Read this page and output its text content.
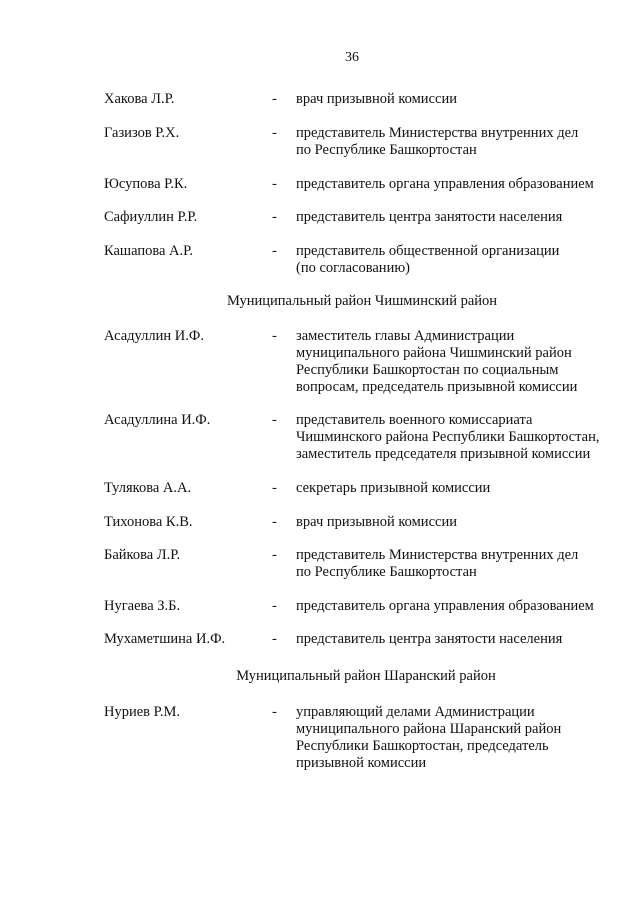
36
Хакова Л.Р.	- врач призывной комиссии
Газизов Р.Х.	- представитель Министерства внутренних дел
по Республике Башкортостан
Юсупова Р.К.	- представитель органа управления образованием
Сафиуллин Р.Р.	- представитель центра занятости населения
Кашапова А.Р.	- представитель общественной организации
(по согласованию)
Муниципальный район Чишминский район
Асадуллин И.Ф.	- заместитель главы Администрации
муниципального района Чишминский район
Республики Башкортостан по социальным
вопросам, председатель призывной комиссии
Асадуллина И.Ф.	- представитель военного комиссариата
Чишминского района Республики Башкортостан,
заместитель председателя призывной комиссии
Тулякова А.А.	- секретарь призывной комиссии
Тихонова К.В.	- врач призывной комиссии
Байкова Л.Р.	- представитель Министерства внутренних дел
по Республике Башкортостан
Нугаева З.Б.	- представитель органа управления образованием
Мухаметшина И.Ф.	- представитель центра занятости населения
Муниципальный район Шаранский район
Нуриев Р.М.	- управляющий делами Администрации
муниципального района Шаранский район
Республики Башкортостан, председатель
призывной комиссии
